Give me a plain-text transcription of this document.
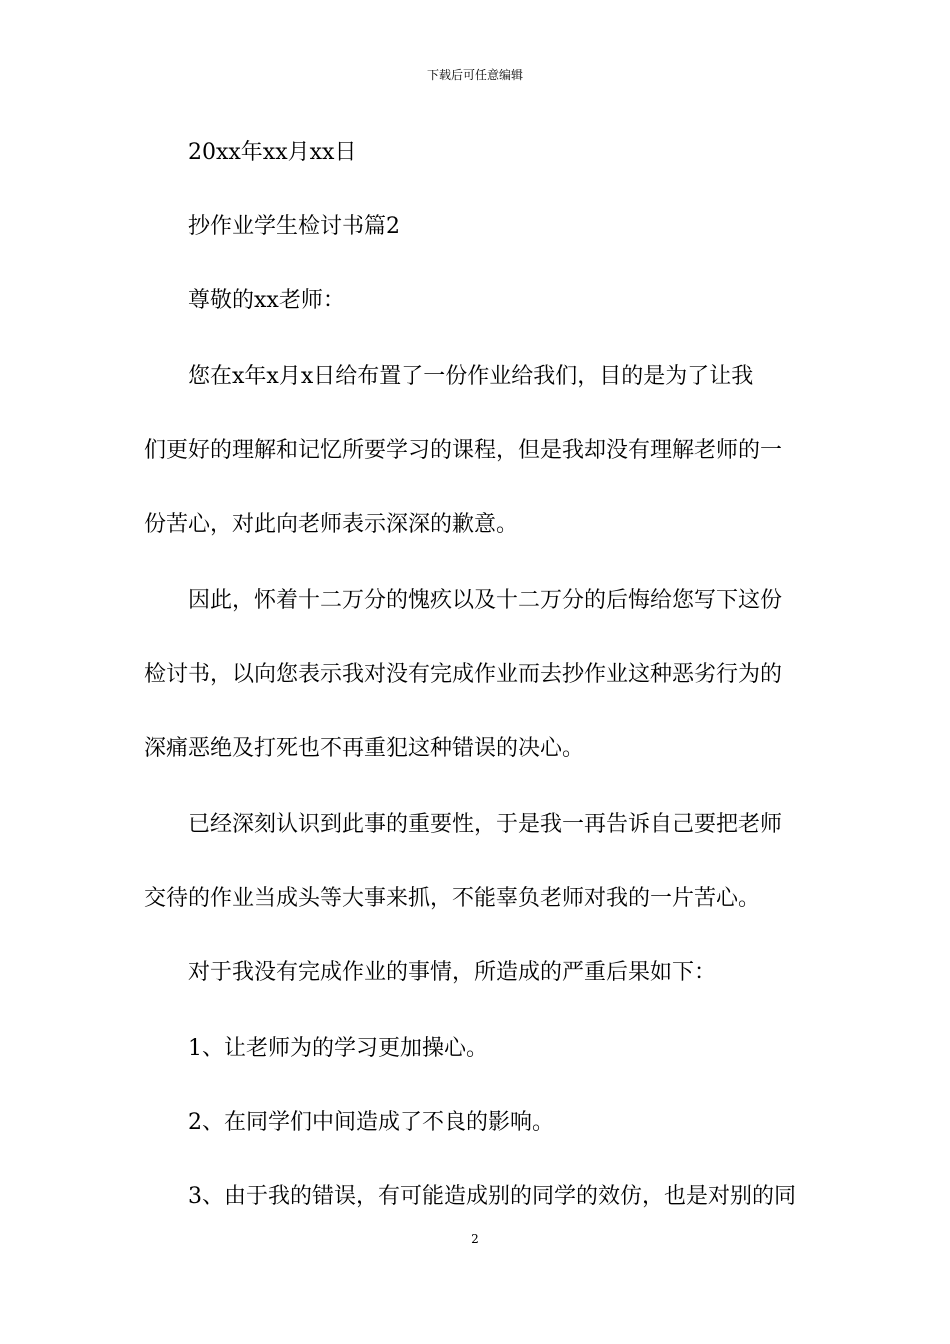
下载后可任意编辑
20xx年xx月xx日
抄作业学生检讨书篇2
尊敬的xx老师：
您在x年x月x日给布置了一份作业给我们，目的是为了让我
们更好的理解和记忆所要学习的课程，但是我却没有理解老师的一
份苦心，对此向老师表示深深的歉意。
因此，怀着十二万分的愧疚以及十二万分的后悔给您写下这份
检讨书，以向您表示我对没有完成作业而去抄作业这种恶劣行为的
深痛恶绝及打死也不再重犯这种错误的决心。
已经深刻认识到此事的重要性，于是我一再告诉自己要把老师
交待的作业当成头等大事来抓，不能辜负老师对我的一片苦心。
对于我没有完成作业的事情，所造成的严重后果如下：
1、让老师为的学习更加操心。
2、在同学们中间造成了不良的影响。
3、由于我的错误，有可能造成别的同学的效仿，也是对别的同
2
